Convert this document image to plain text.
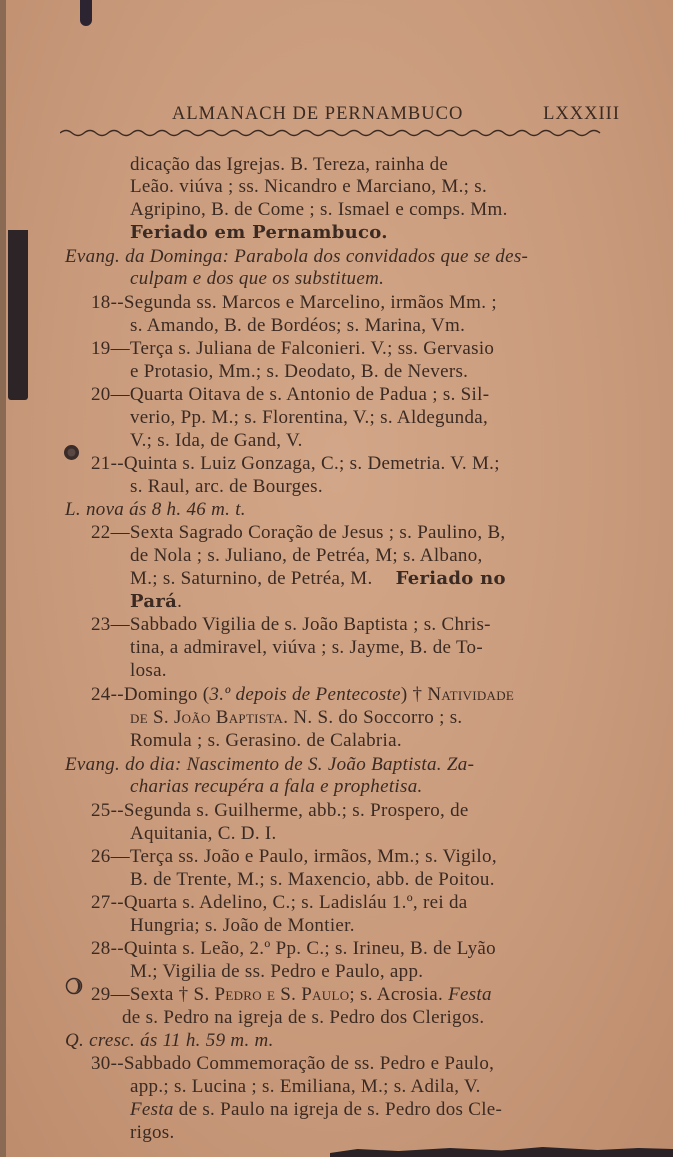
ALMANACH DE PERNAMBUCO	LXXXIII
dicação das Igrejas. B. Tereza, rainha de
Leão. viúva ; ss. Nicandro e Marciano, M.; s.
Agripino, B. de Come ; s. Ismael e comps. Mm.
Feriado em Pernambuco.
Evang. da Dominga: Parabola dos convidados que se des-
culpam e dos que os substituem.
18--Segunda ss. Marcos e Marcelino, irmãos Mm. ;
s. Amando, B. de Bordéos; s. Marina, Vm.
19—Terça s. Juliana de Falconieri. V.; ss. Gervasio
e Protasio, Mm.; s. Deodato, B. de Nevers.
20—Quarta Oitava de s. Antonio de Padua ; s. Sil-
verio, Pp. M.; s. Florentina, V.; s. Aldegunda,
V.; s. Ida, de Gand, V.
21--Quinta s. Luiz Gonzaga, C.; s. Demetria. V. M.;
s. Raul, arc. de Bourges.
L. nova ás 8 h. 46 m. t.
22—Sexta Sagrado Coração de Jesus ; s. Paulino, B,
de Nola ; s. Juliano, de Petréa, M; s. Albano,
M.; s. Saturnino, de Petréa, M. Feriado no
Pará.
23—Sabbado Vigilia de s. João Baptista ; s. Chris-
tina, a admiravel, viúva ; s. Jayme, B. de To-
losa.
24--Domingo (3.º depois de Pentecoste) † Natividade
de S. João Baptista. N. S. do Soccorro ; s.
Romula ; s. Gerasino. de Calabria.
Evang. do dia: Nascimento de S. João Baptista. Za-
charias recupéra a fala e prophetisa.
25--Segunda s. Guilherme, abb.; s. Prospero, de
Aquitania, C. D. I.
26—Terça ss. João e Paulo, irmãos, Mm.; s. Vigilo,
B. de Trente, M.; s. Maxencio, abb. de Poitou.
27--Quarta s. Adelino, C.; s. Ladisláu 1.º, rei da
Hungria; s. João de Montier.
28--Quinta s. Leão, 2.º Pp. C.; s. Irineu, B. de Lyão
M.; Vigilia de ss. Pedro e Paulo, app.
29—Sexta † S. Pedro e S. Paulo; s. Acrosia. Festa
de s. Pedro na igreja de s. Pedro dos Clerigos.
Q. cresc. ás 11 h. 59 m. m.
30--Sabbado Commemoração de ss. Pedro e Paulo,
app.; s. Lucina ; s. Emiliana, M.; s. Adila, V.
Festa de s. Paulo na igreja de s. Pedro dos Cle-
rigos.
